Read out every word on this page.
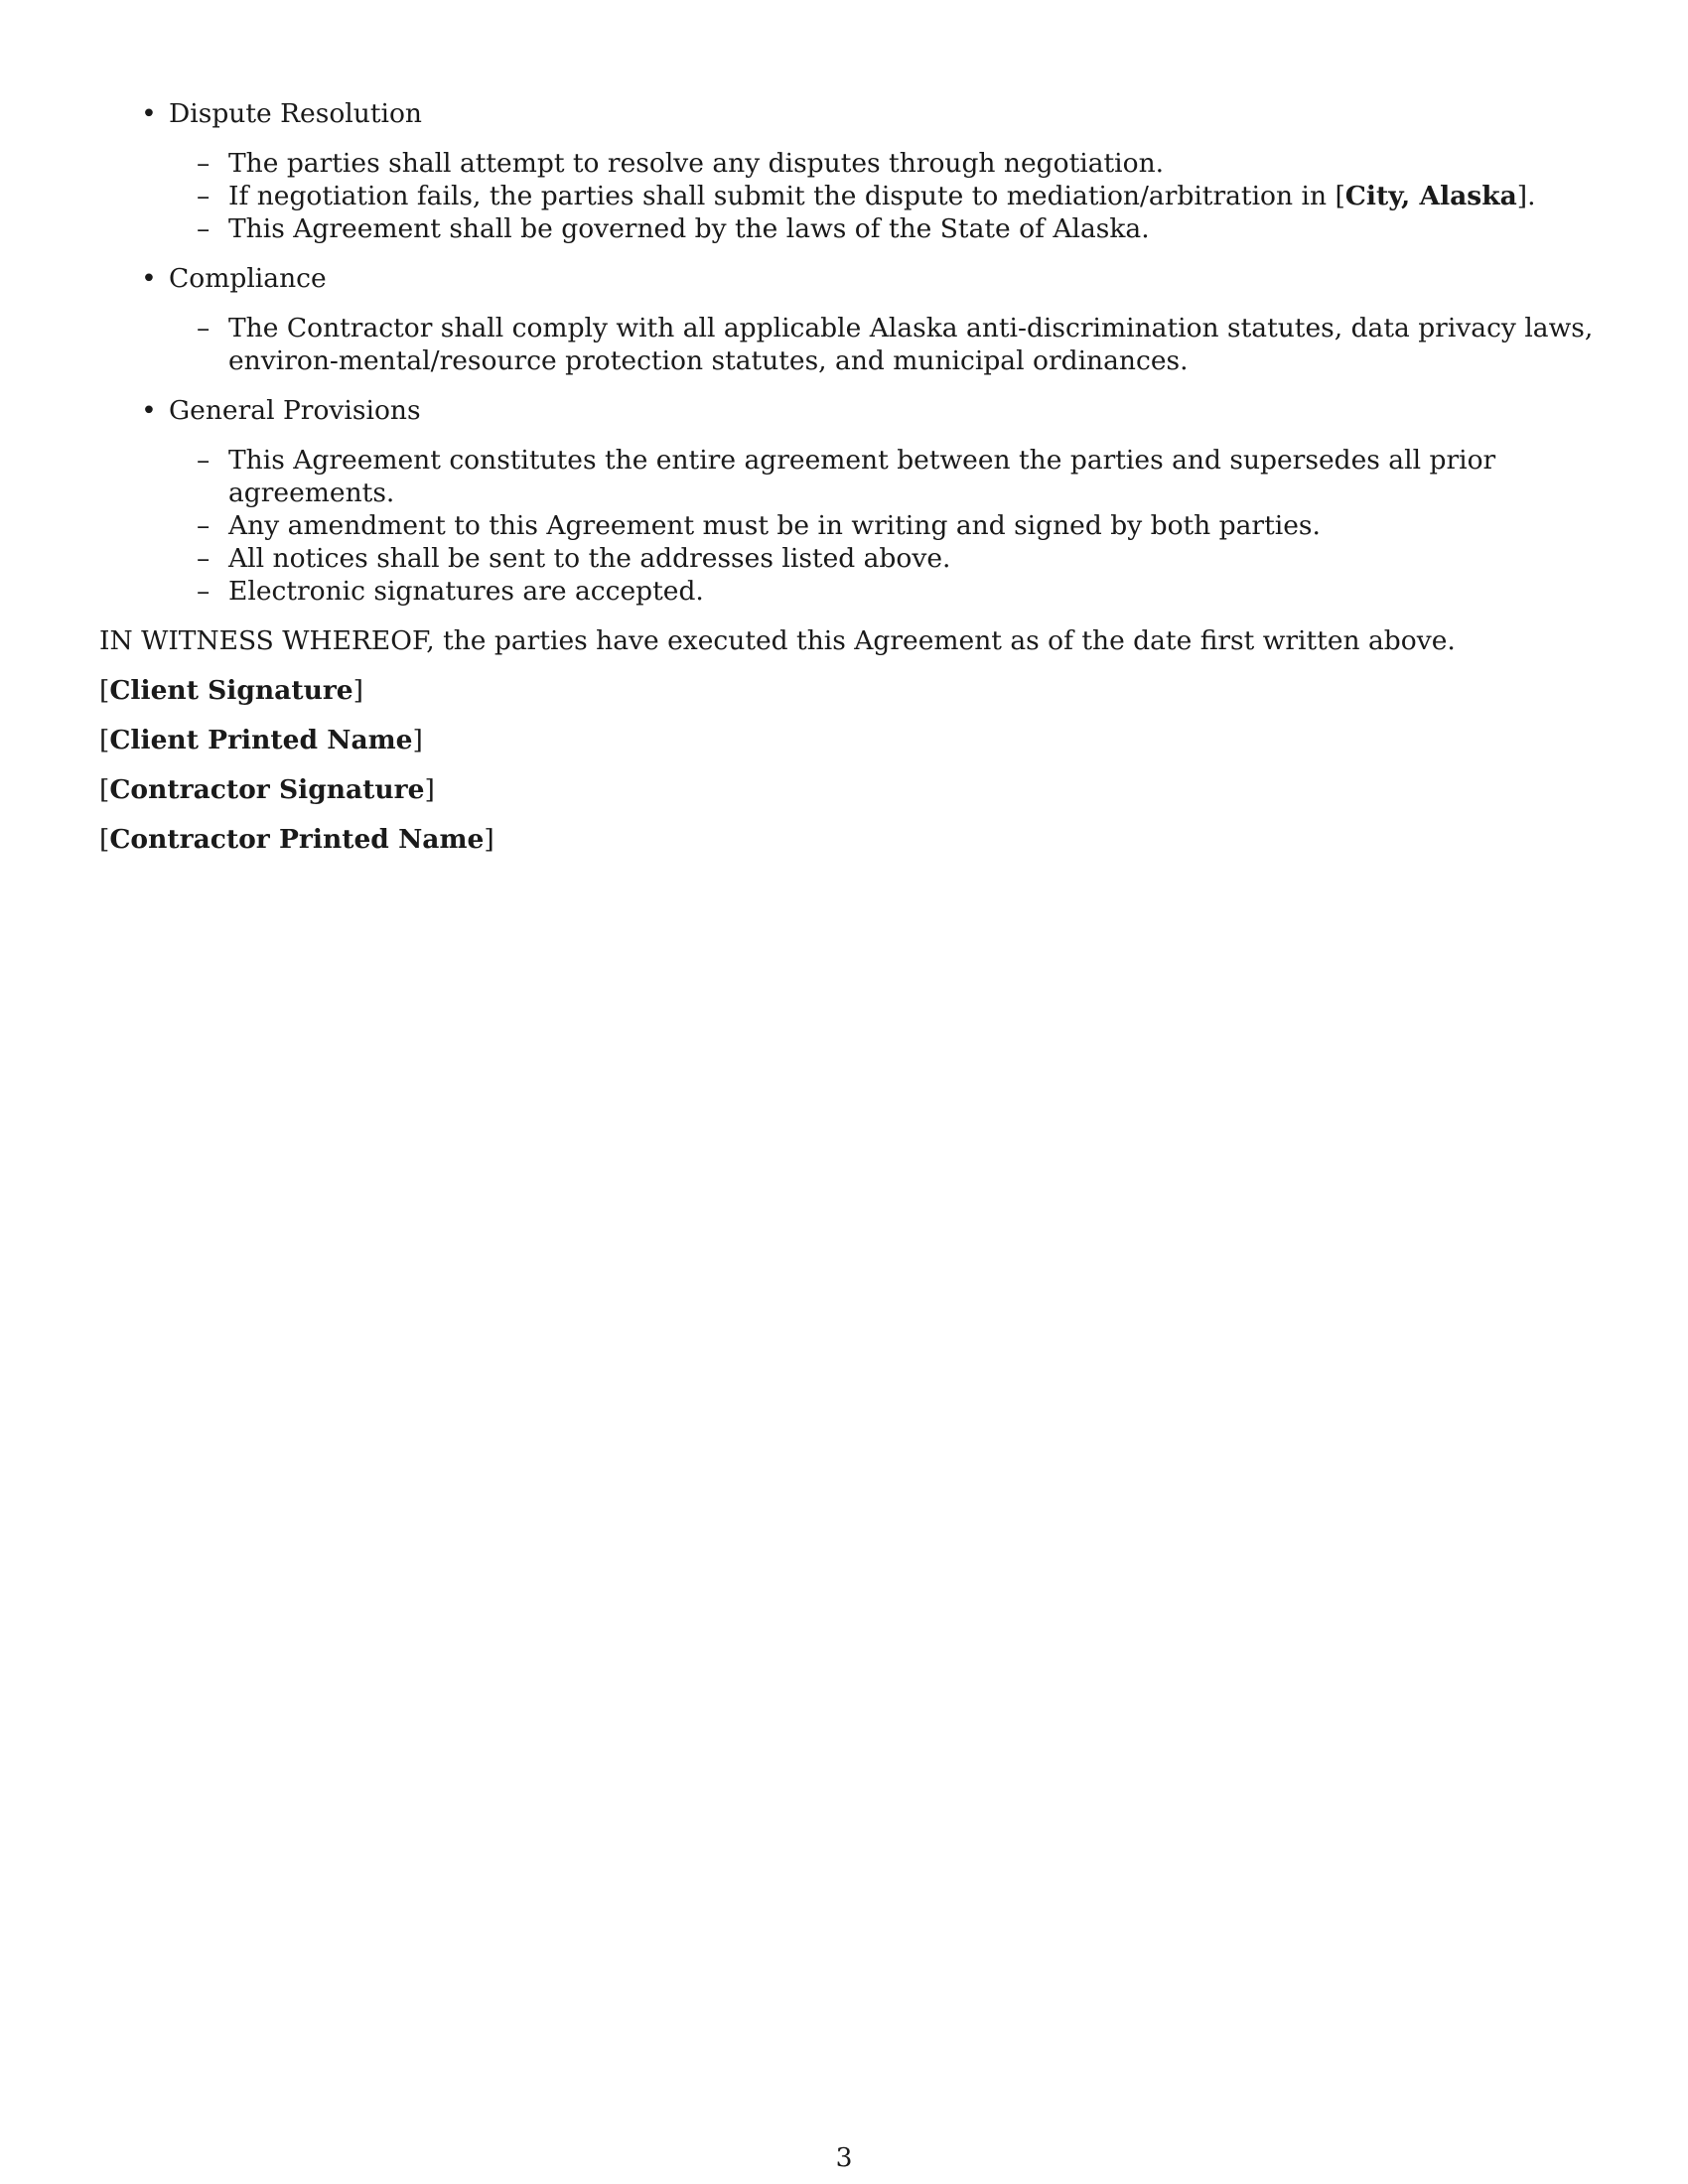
• Dispute Resolution
– The parties shall attempt to resolve any disputes through negotiation.
– If negotiation fails, the parties shall submit the dispute to mediation/arbitration in [City, Alaska].
– This Agreement shall be governed by the laws of the State of Alaska.
• Compliance
– The Contractor shall comply with all applicable Alaska anti-discrimination statutes, data privacy laws, environ-mental/resource protection statutes, and municipal ordinances.
• General Provisions
– This Agreement constitutes the entire agreement between the parties and supersedes all prior agreements.
– Any amendment to this Agreement must be in writing and signed by both parties.
– All notices shall be sent to the addresses listed above.
– Electronic signatures are accepted.
IN WITNESS WHEREOF, the parties have executed this Agreement as of the date first written above.
[Client Signature]
[Client Printed Name]
[Contractor Signature]
[Contractor Printed Name]
3
